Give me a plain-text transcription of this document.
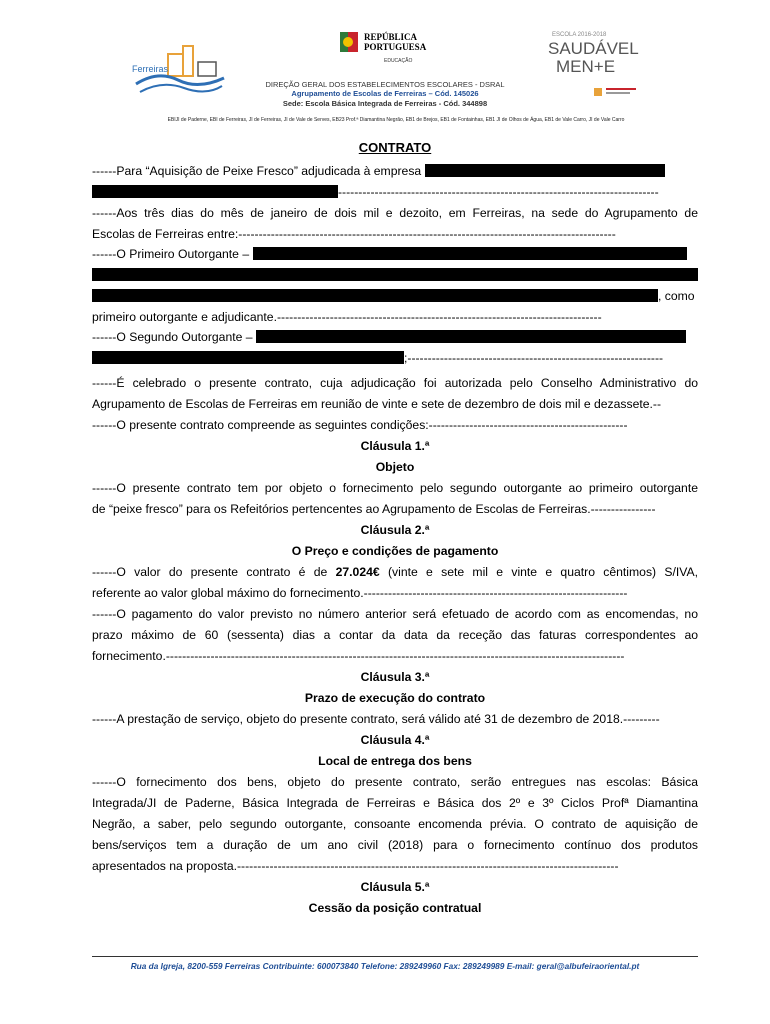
Ferreiras
REPÚBLICA
PORTUGUESA
EDUCAÇÃO
ESCOLA 2016-2018
SAUDÁVEL
MEN+E
DIREÇÃO GERAL DOS ESTABELECIMENTOS ESCOLARES - DSRAL
Agrupamento de Escolas de Ferreiras – Cód. 145026
Sede: Escola Básica Integrada de Ferreiras - Cód. 344898
EBIJI de Paderne, EBI de Ferreiras, JI de Ferreiras, JI de Vale de Serves, EB23 Prof.ª Diamantina Negrão, EB1 de Brejos, EB1 de Fontainhas, EB1 JI de Olhos de Água, EB1 de Vale Carro, JI de Vale Carro
CONTRATO
------Para “Aquisição de Peixe Fresco” adjudicada à empresa
-------------------------------------------------------------------------------
------Aos três dias do mês de janeiro de dois mil e dezoito, em Ferreiras, na sede do Agrupamento de
Escolas de Ferreiras entre:---------------------------------------------------------------------------------------------
------O Primeiro Outorgante –
, como
primeiro outorgante e adjudicante.--------------------------------------------------------------------------------
------O Segundo Outorgante –
;---------------------------------------------------------------
------É celebrado o presente contrato, cuja adjudicação foi autorizada pelo Conselho Administrativo do
Agrupamento de Escolas de Ferreiras em reunião de vinte e sete de dezembro de dois mil e dezassete.--
------O presente contrato compreende as seguintes condições:-------------------------------------------------
Cláusula 1.ª
Objeto
------O presente contrato tem por objeto o fornecimento pelo segundo outorgante ao primeiro outorgante
de “peixe fresco” para os Refeitórios pertencentes ao Agrupamento de Escolas de Ferreiras.----------------
Cláusula 2.ª
O Preço e condições de pagamento
------O valor do presente contrato é de 27.024€ (vinte e sete mil e vinte e quatro cêntimos) S/IVA,
referente ao valor global máximo do fornecimento.-----------------------------------------------------------------
------O pagamento do valor previsto no número anterior será efetuado de acordo com as encomendas, no
prazo máximo de 60 (sessenta) dias a contar da data da receção das faturas correspondentes ao
fornecimento.-----------------------------------------------------------------------------------------------------------------
Cláusula 3.ª
Prazo de execução do contrato
------A prestação de serviço, objeto do presente contrato, será válido até 31 de dezembro de 2018.---------
Cláusula 4.ª
Local de entrega dos bens
------O fornecimento dos bens, objeto do presente contrato, serão entregues nas escolas: Básica
Integrada/JI de Paderne, Básica Integrada de Ferreiras e Básica dos 2º e 3º Ciclos Profª Diamantina
Negrão, a saber, pelo segundo outorgante, consoante encomenda prévia. O contrato de aquisição de
bens/serviços tem a duração de um ano civil (2018) para o fornecimento contínuo dos produtos
apresentados na proposta.----------------------------------------------------------------------------------------------
Cláusula 5.ª
Cessão da posição contratual
Rua da Igreja, 8200-559 Ferreiras Contribuinte: 600073840 Telefone: 289249960 Fax: 289249989 E-mail: geral@albufeiraoriental.pt
